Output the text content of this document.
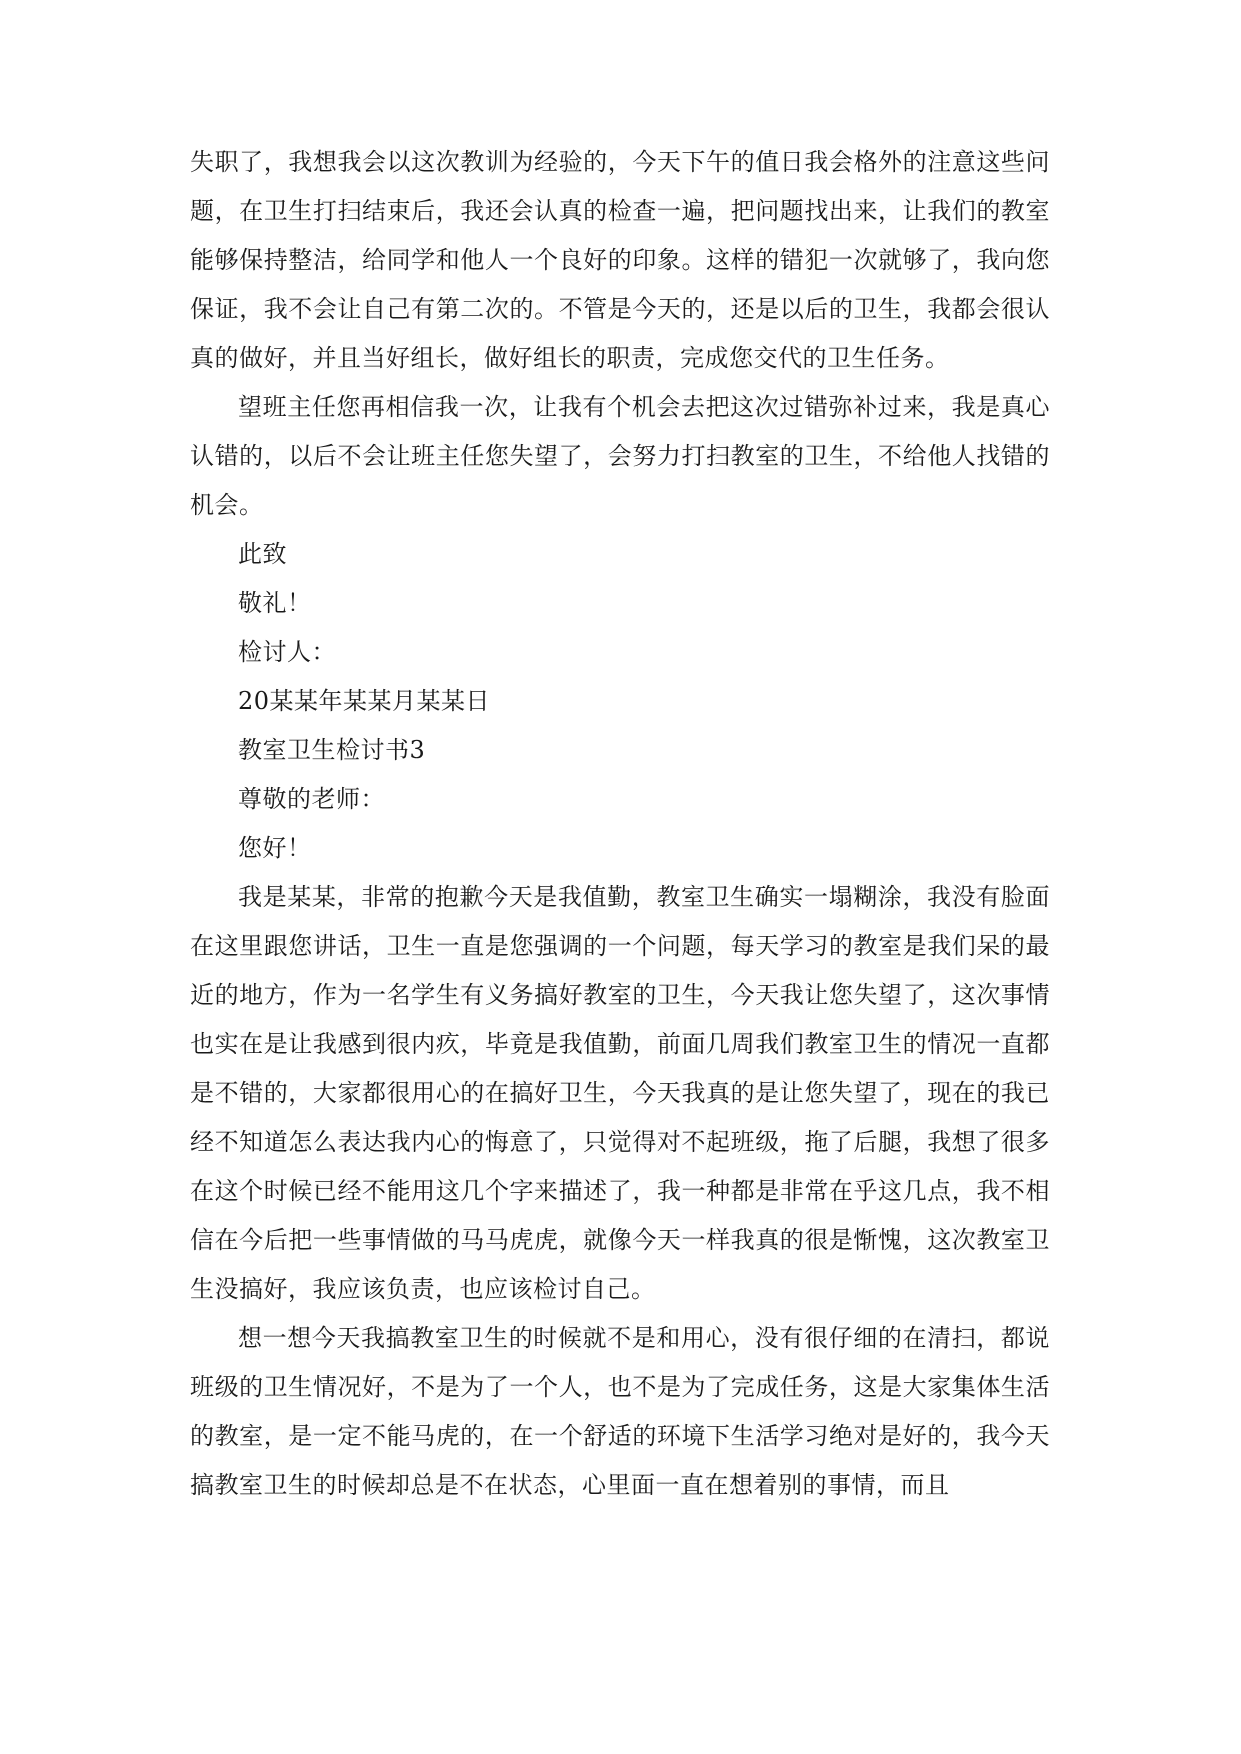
失职了，我想我会以这次教训为经验的，今天下午的值日我会格外的注意这些问题，在卫生打扫结束后，我还会认真的检查一遍，把问题找出来，让我们的教室能够保持整洁，给同学和他人一个良好的印象。这样的错犯一次就够了，我向您保证，我不会让自己有第二次的。不管是今天的，还是以后的卫生，我都会很认真的做好，并且当好组长，做好组长的职责，完成您交代的卫生任务。

望班主任您再相信我一次，让我有个机会去把这次过错弥补过来，我是真心认错的，以后不会让班主任您失望了，会努力打扫教室的卫生，不给他人找错的机会。

此致

敬礼！

检讨人：

20某某年某某月某某日

教室卫生检讨书3

尊敬的老师：

您好！

我是某某，非常的抱歉今天是我值勤，教室卫生确实一塌糊涂，我没有脸面在这里跟您讲话，卫生一直是您强调的一个问题，每天学习的教室是我们呆的最近的地方，作为一名学生有义务搞好教室的卫生，今天我让您失望了，这次事情也实在是让我感到很内疚，毕竟是我值勤，前面几周我们教室卫生的情况一直都是不错的，大家都很用心的在搞好卫生，今天我真的是让您失望了，现在的我已经不知道怎么表达我内心的悔意了，只觉得对不起班级，拖了后腿，我想了很多在这个时候已经不能用这几个字来描述了，我一种都是非常在乎这几点，我不相信在今后把一些事情做的马马虎虎，就像今天一样我真的很是惭愧，这次教室卫生没搞好，我应该负责，也应该检讨自己。

想一想今天我搞教室卫生的时候就不是和用心，没有很仔细的在清扫，都说班级的卫生情况好，不是为了一个人，也不是为了完成任务，这是大家集体生活的教室，是一定不能马虎的，在一个舒适的环境下生活学习绝对是好的，我今天搞教室卫生的时候却总是不在状态，心里面一直在想着别的事情，而且
